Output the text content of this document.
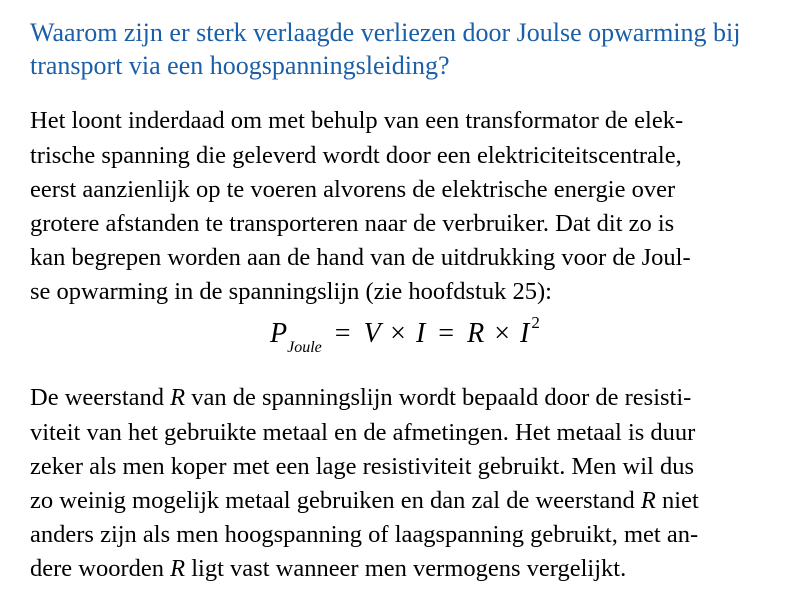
Waarom zijn er sterk verlaagde verliezen door Joulse opwarming bij
transport via een hoogspanningsleiding?

Het loont inderdaad om met behulp van een transformator de elek-

trische spanning die geleverd wordt door een elektriciteitscentrale,

eerst aanzienlijk op te voeren alvorens de elektrische energie over

grotere afstanden te transporteren naar de verbruiker. Dat dit zo is

kan begrepen worden aan de hand van de uitdrukking voor de Joul-

se opwarming in de spanningslijn (zie hoofdstuk 25):

$P_{Joule} = V \times I = R \times I$ $^2$

De weerstand R van de spanningslijn wordt bepaald door de resisti-

viteit van het gebruikte metaal en de afmetingen. Het metaal is duur

zeker als men koper met een lage resistiviteit gebruikt. Men wil dus

zo weinig mogelijk metaal gebruiken en dan zal de weerstand R niet

anders zijn als men hoogspanning of laagspanning gebruikt, met an-

dere woorden R ligt vast wanneer men vermogens vergelijkt.
